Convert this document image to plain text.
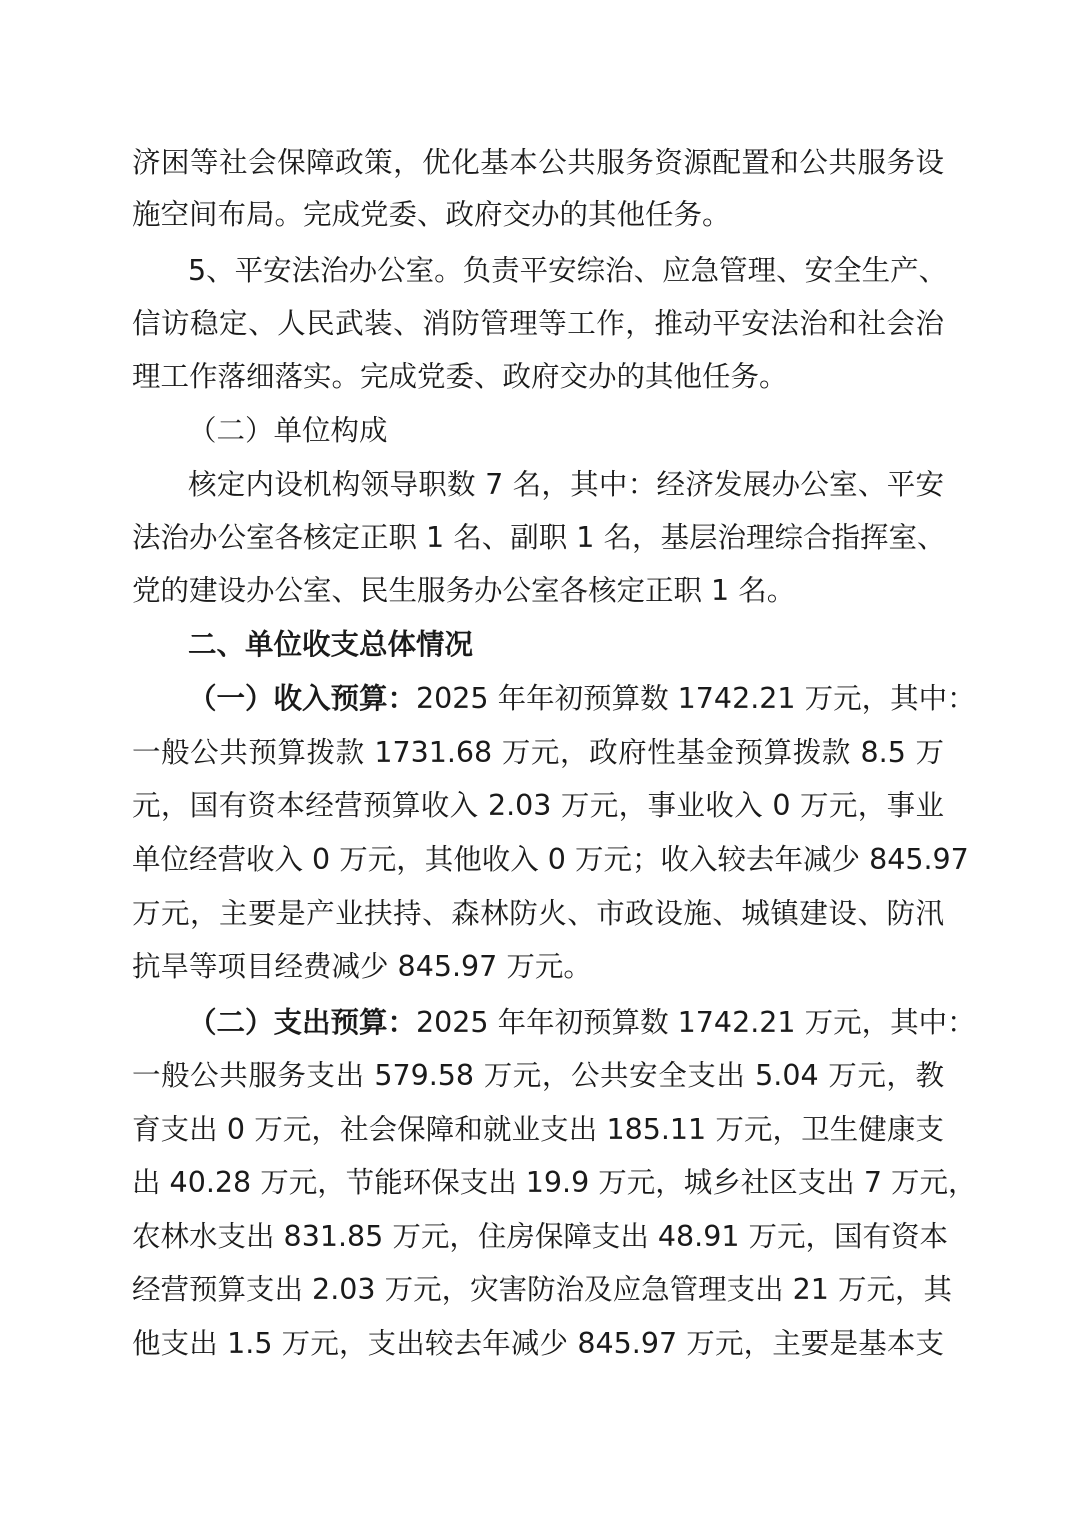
济困等社会保障政策，优化基本公共服务资源配置和公共服务设
施空间布局。完成党委、政府交办的其他任务。
5、平安法治办公室。负责平安综治、应急管理、安全生产、
信访稳定、人民武装、消防管理等工作，推动平安法治和社会治
理工作落细落实。完成党委、政府交办的其他任务。
（二）单位构成
核定内设机构领导职数 7 名，其中：经济发展办公室、平安
法治办公室各核定正职 1 名、副职 1 名，基层治理综合指挥室、
党的建设办公室、民生服务办公室各核定正职 1 名。
二、单位收支总体情况
（一）收入预算：2025 年年初预算数 1742.21 万元，其中：
一般公共预算拨款 1731.68 万元，政府性基金预算拨款 8.5 万
元，国有资本经营预算收入 2.03 万元，事业收入 0 万元，事业
单位经营收入 0 万元，其他收入 0 万元；收入较去年减少 845.97
万元，主要是产业扶持、森林防火、市政设施、城镇建设、防汛
抗旱等项目经费减少 845.97 万元。
（二）支出预算：2025 年年初预算数 1742.21 万元，其中：
一般公共服务支出 579.58 万元，公共安全支出 5.04 万元，教
育支出 0 万元，社会保障和就业支出 185.11 万元，卫生健康支
出 40.28 万元，节能环保支出 19.9 万元，城乡社区支出 7 万元，
农林水支出 831.85 万元，住房保障支出 48.91 万元，国有资本
经营预算支出 2.03 万元，灾害防治及应急管理支出 21 万元，其
他支出 1.5 万元，支出较去年减少 845.97 万元，主要是基本支
